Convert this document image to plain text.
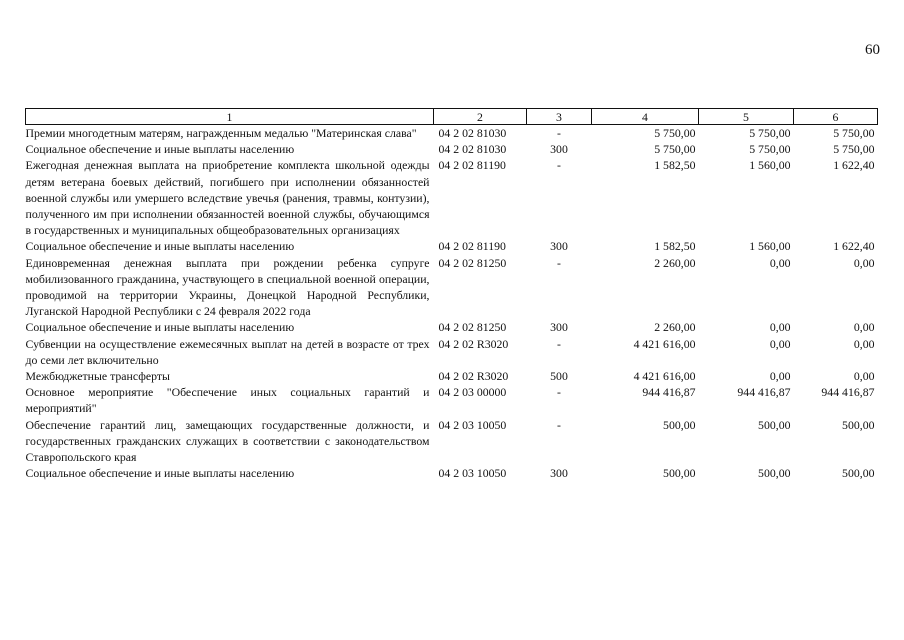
60
1	2	3	4	5	6
Премии многодетным матерям, награжденным медалью "Материнская слава"	04 2 02 81030	-	5 750,00	5 750,00	5 750,00
Социальное обеспечение и иные выплаты населению	04 2 02 81030	300	5 750,00	5 750,00	5 750,00
Ежегодная денежная выплата на приобретение комплекта школьной одежды детям ветерана боевых действий, погибшего при исполнении обязанностей военной службы или умершего вследствие увечья (ранения, травмы, контузии), полученного им при исполнении обязанностей военной службы, обучающимся в государственных и муниципальных общеобразовательных организациях	04 2 02 81190	-	1 582,50	1 560,00	1 622,40
Социальное обеспечение и иные выплаты населению	04 2 02 81190	300	1 582,50	1 560,00	1 622,40
Единовременная денежная выплата при рождении ребенка супруге мобилизованного гражданина, участвующего в специальной военной операции, проводимой на территории Украины, Донецкой Народной Республики, Луганской Народной Республики с 24 февраля 2022 года	04 2 02 81250	-	2 260,00	0,00	0,00
Социальное обеспечение и иные выплаты населению	04 2 02 81250	300	2 260,00	0,00	0,00
Субвенции на осуществление ежемесячных выплат на детей в возрасте от трех до семи лет включительно	04 2 02 R3020	-	4 421 616,00	0,00	0,00
Межбюджетные трансферты	04 2 02 R3020	500	4 421 616,00	0,00	0,00
Основное мероприятие "Обеспечение иных социальных гарантий и мероприятий"	04 2 03 00000	-	944 416,87	944 416,87	944 416,87
Обеспечение гарантий лиц, замещающих государственные должности, и государственных гражданских служащих в соответствии с законодательством Ставропольского края	04 2 03 10050	-	500,00	500,00	500,00
Социальное обеспечение и иные выплаты населению	04 2 03 10050	300	500,00	500,00	500,00
